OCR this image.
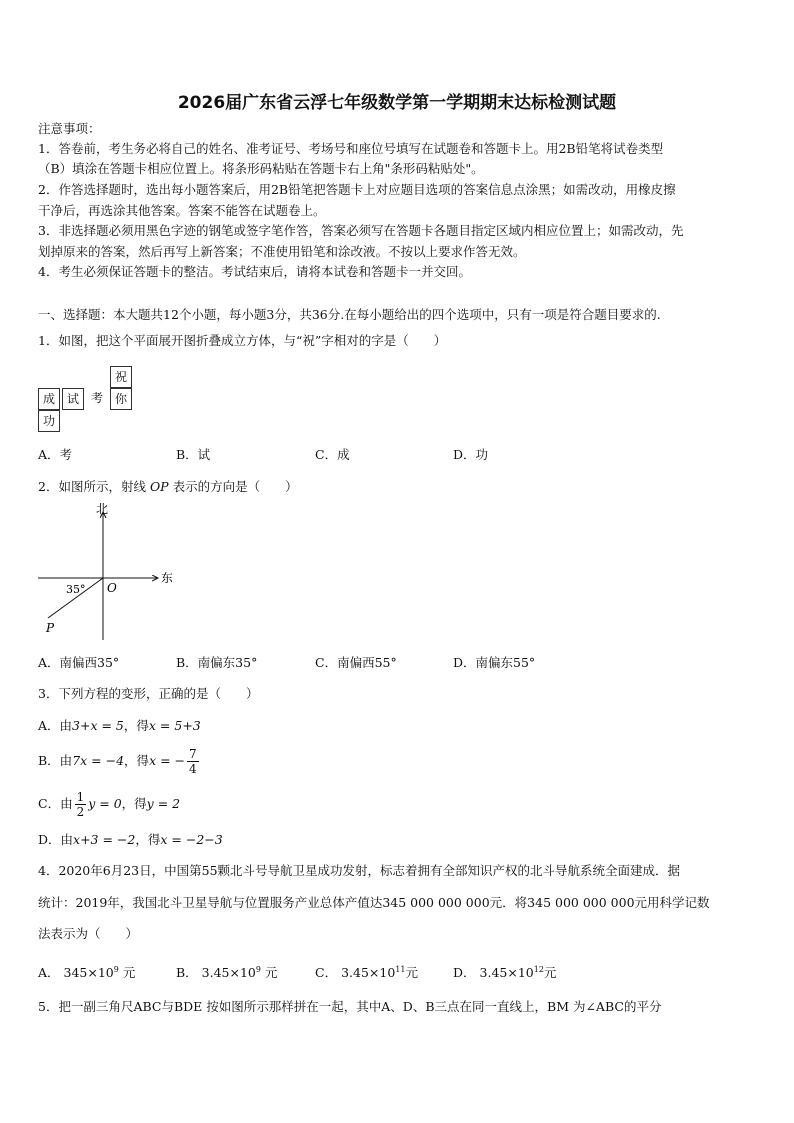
2026届广东省云浮七年级数学第一学期期末达标检测试题
注意事项：
1．答卷前，考生务必将自己的姓名、准考证号、考场号和座位号填写在试题卷和答题卡上。用2B铅笔将试卷类型
（B）填涂在答题卡相应位置上。将条形码粘贴在答题卡右上角"条形码粘贴处"。
2．作答选择题时，选出每小题答案后，用2B铅笔把答题卡上对应题目选项的答案信息点涂黑；如需改动，用橡皮擦
干净后，再选涂其他答案。答案不能答在试题卷上。
3．非选择题必须用黑色字迹的钢笔或签字笔作答，答案必须写在答题卡各题目指定区域内相应位置上；如需改动，先
划掉原来的答案，然后再写上新答案；不准使用铅笔和涂改液。不按以上要求作答无效。
4．考生必须保证答题卡的整洁。考试结束后，请将本试卷和答题卡一并交回。
一、选择题：本大题共12个小题，每小题3分，共36分.在每小题给出的四个选项中，只有一项是符合题目要求的.
1．如图，把这个平面展开图折叠成立方体，与“祝”字相对的字是（　　）
祝
成 试 考 你
功
A．考	B．试	C．成	D．功
2．如图所示，射线 OP 表示的方向是（　　）
北
东
35° O
P
A．南偏西35°	B．南偏东35°	C．南偏西55°	D．南偏东55°
3．下列方程的变形，正确的是（　　）
A．由3+x = 5，得x = 5+3
B．由7x = −4，得x = − $\frac{7}{4}$
C．由 $\frac{1}{2}$ y = 0，得y = 2
D．由x+3 = −2，得x = −2−3
4．2020年6月23日，中国第55颗北斗号导航卫星成功发射，标志着拥有全部知识产权的北斗导航系统全面建成．据
统计：2019年，我国北斗卫星导航与位置服务产业总体产值达345 000 000 000元．将345 000 000 000元用科学记数
法表示为（　　）
A． $345\times 10^9$ 元	B． $3.45\times 10^9$ 元	C． $3.45\times 10^{11}$元	D． $3.45\times 10^{12}$元
5．把一副三角尺ABC与BDE 按如图所示那样拼在一起，其中A、D、B三点在同一直线上，BM 为∠ABC的平分
